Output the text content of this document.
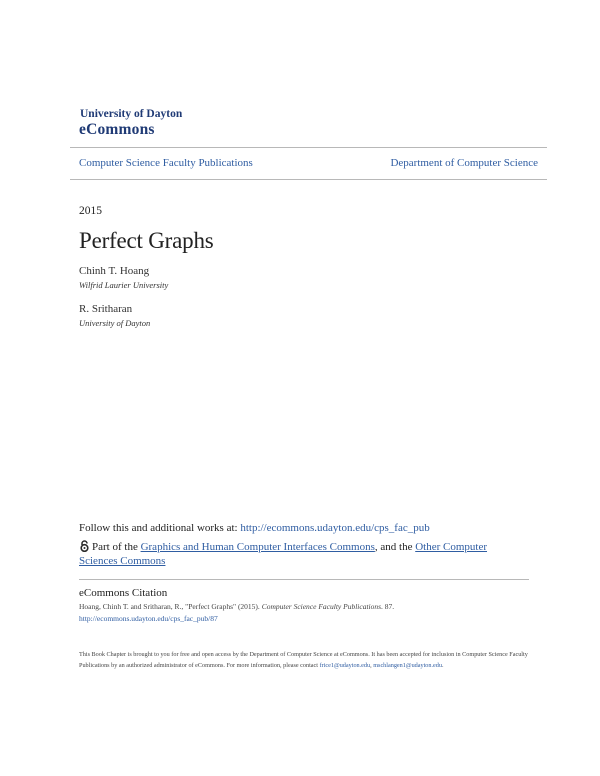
University of Dayton
eCommons
Computer Science Faculty Publications	Department of Computer Science
2015
Perfect Graphs
Chinh T. Hoang
Wilfrid Laurier University
R. Sritharan
University of Dayton
Follow this and additional works at: http://ecommons.udayton.edu/cps_fac_pub
Part of the Graphics and Human Computer Interfaces Commons, and the Other Computer
Sciences Commons
eCommons Citation
Hoang, Chinh T. and Sritharan, R., "Perfect Graphs" (2015). Computer Science Faculty Publications. 87.
http://ecommons.udayton.edu/cps_fac_pub/87
This Book Chapter is brought to you for free and open access by the Department of Computer Science at eCommons. It has been accepted for inclusion in Computer Science Faculty Publications by an authorized administrator of eCommons. For more information, please contact frice1@udayton.edu, mschlangen1@udayton.edu.
